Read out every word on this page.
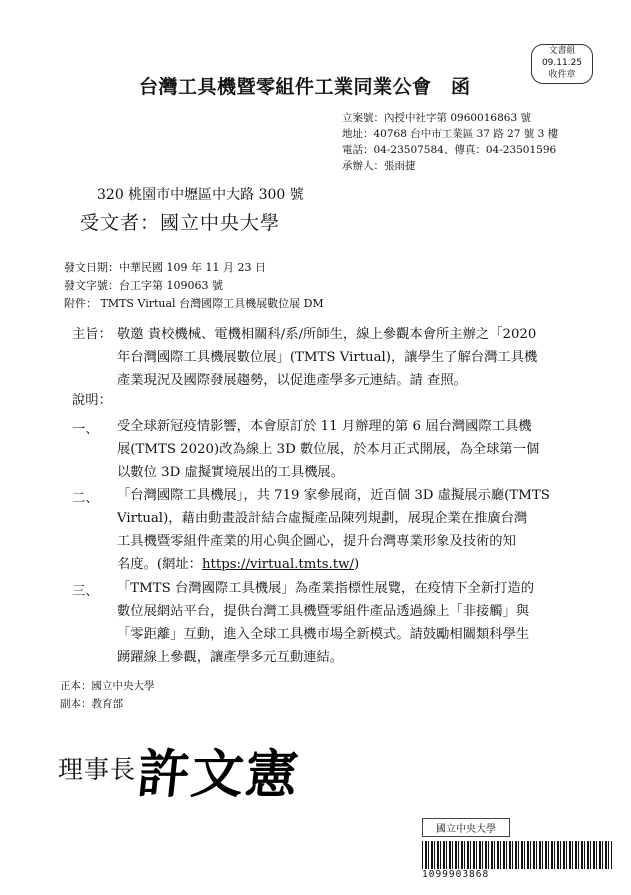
台灣工具機暨零組件工業同業公會　函
文書組
09.11.25
收件章
立案號：內授中社字第 0960016863 號
地址：40768 台中市工業區 37 路 27 號 3 樓
電話：04-23507584、傳真：04-23501596
承辦人：張雨捷
320 桃園市中壢區中大路 300 號
受文者：國立中央大學
發文日期：中華民國 109 年 11 月 23 日
發文字號：台工字第 109063 號
附件： TMTS Virtual 台灣國際工具機展數位展 DM
主旨： 敬邀 貴校機械、電機相關科/系/所師生，線上參觀本會所主辦之「2020
年台灣國際工具機展數位展」(TMTS Virtual)，讓學生了解台灣工具機
產業現況及國際發展趨勢，以促進產學多元連結。請 查照。
說明：
一、 受全球新冠疫情影響，本會原訂於 11 月辦理的第 6 屆台灣國際工具機
展(TMTS 2020)改為線上 3D 數位展，於本月正式開展，為全球第一個
以數位 3D 虛擬實境展出的工具機展。
二、 「台灣國際工具機展」，共 719 家參展商，近百個 3D 虛擬展示廳(TMTS
Virtual)，藉由動畫設計結合虛擬產品陳列規劃，展現企業在推廣台灣
工具機暨零組件產業的用心與企圖心，提升台灣專業形象及技術的知
名度。(網址：https://virtual.tmts.tw/)
三、 「TMTS 台灣國際工具機展」為產業指標性展覽，在疫情下全新打造的
數位展網站平台，提供台灣工具機暨零組件產品透過線上「非接觸」與
「零距離」互動，進入全球工具機市場全新模式。請鼓勵相關類科學生
踴躍線上參觀，讓產學多元互動連結。
正本：國立中央大學
副本：教育部
理事長
許文憲
國立中央大學
1099903868
